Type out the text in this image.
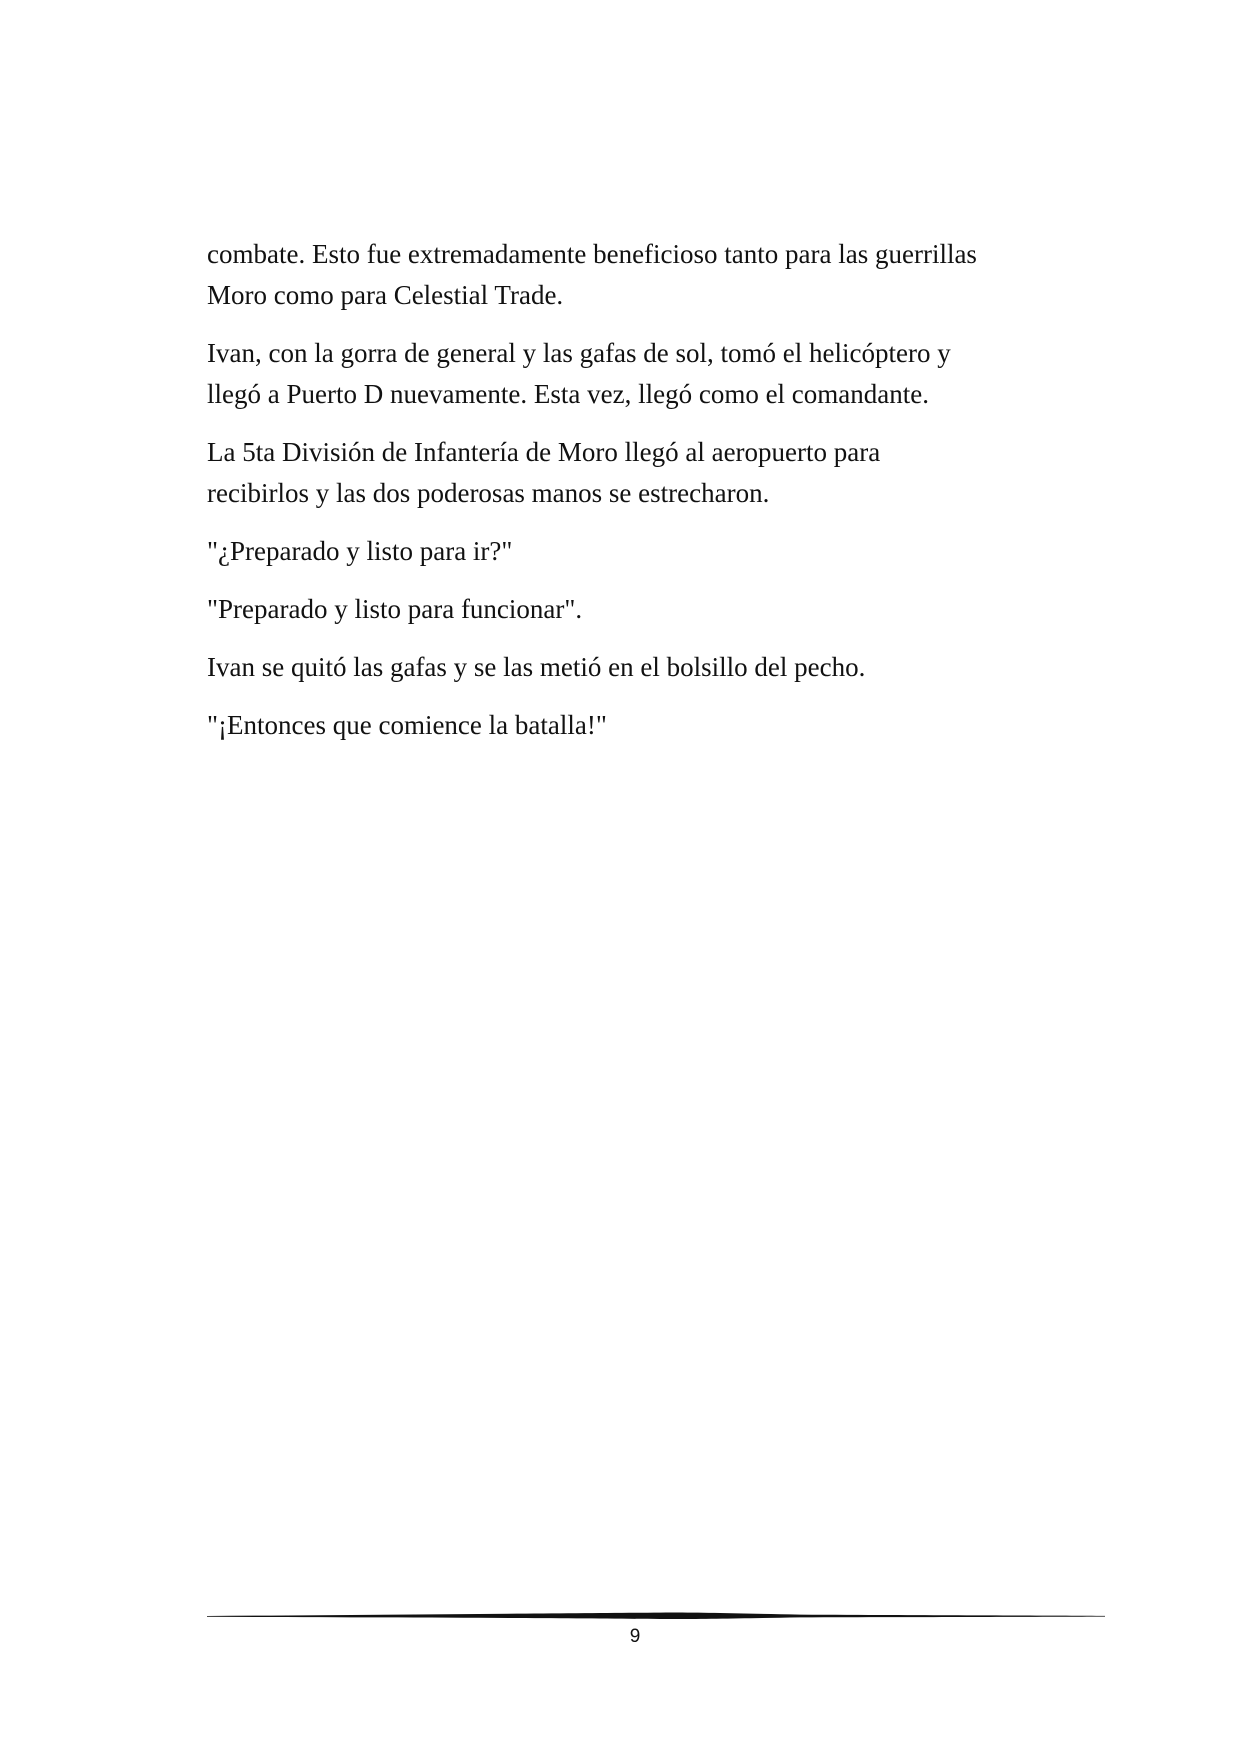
combate. Esto fue extremadamente beneficioso tanto para las guerrillas
Moro como para Celestial Trade.

Ivan, con la gorra de general y las gafas de sol, tomó el helicóptero y
llegó a Puerto D nuevamente. Esta vez, llegó como el comandante.

La 5ta División de Infantería de Moro llegó al aeropuerto para
recibirlos y las dos poderosas manos se estrecharon.

"¿Preparado y listo para ir?"

"Preparado y listo para funcionar".

Ivan se quitó las gafas y se las metió en el bolsillo del pecho.

"¡Entonces que comience la batalla!"

9
